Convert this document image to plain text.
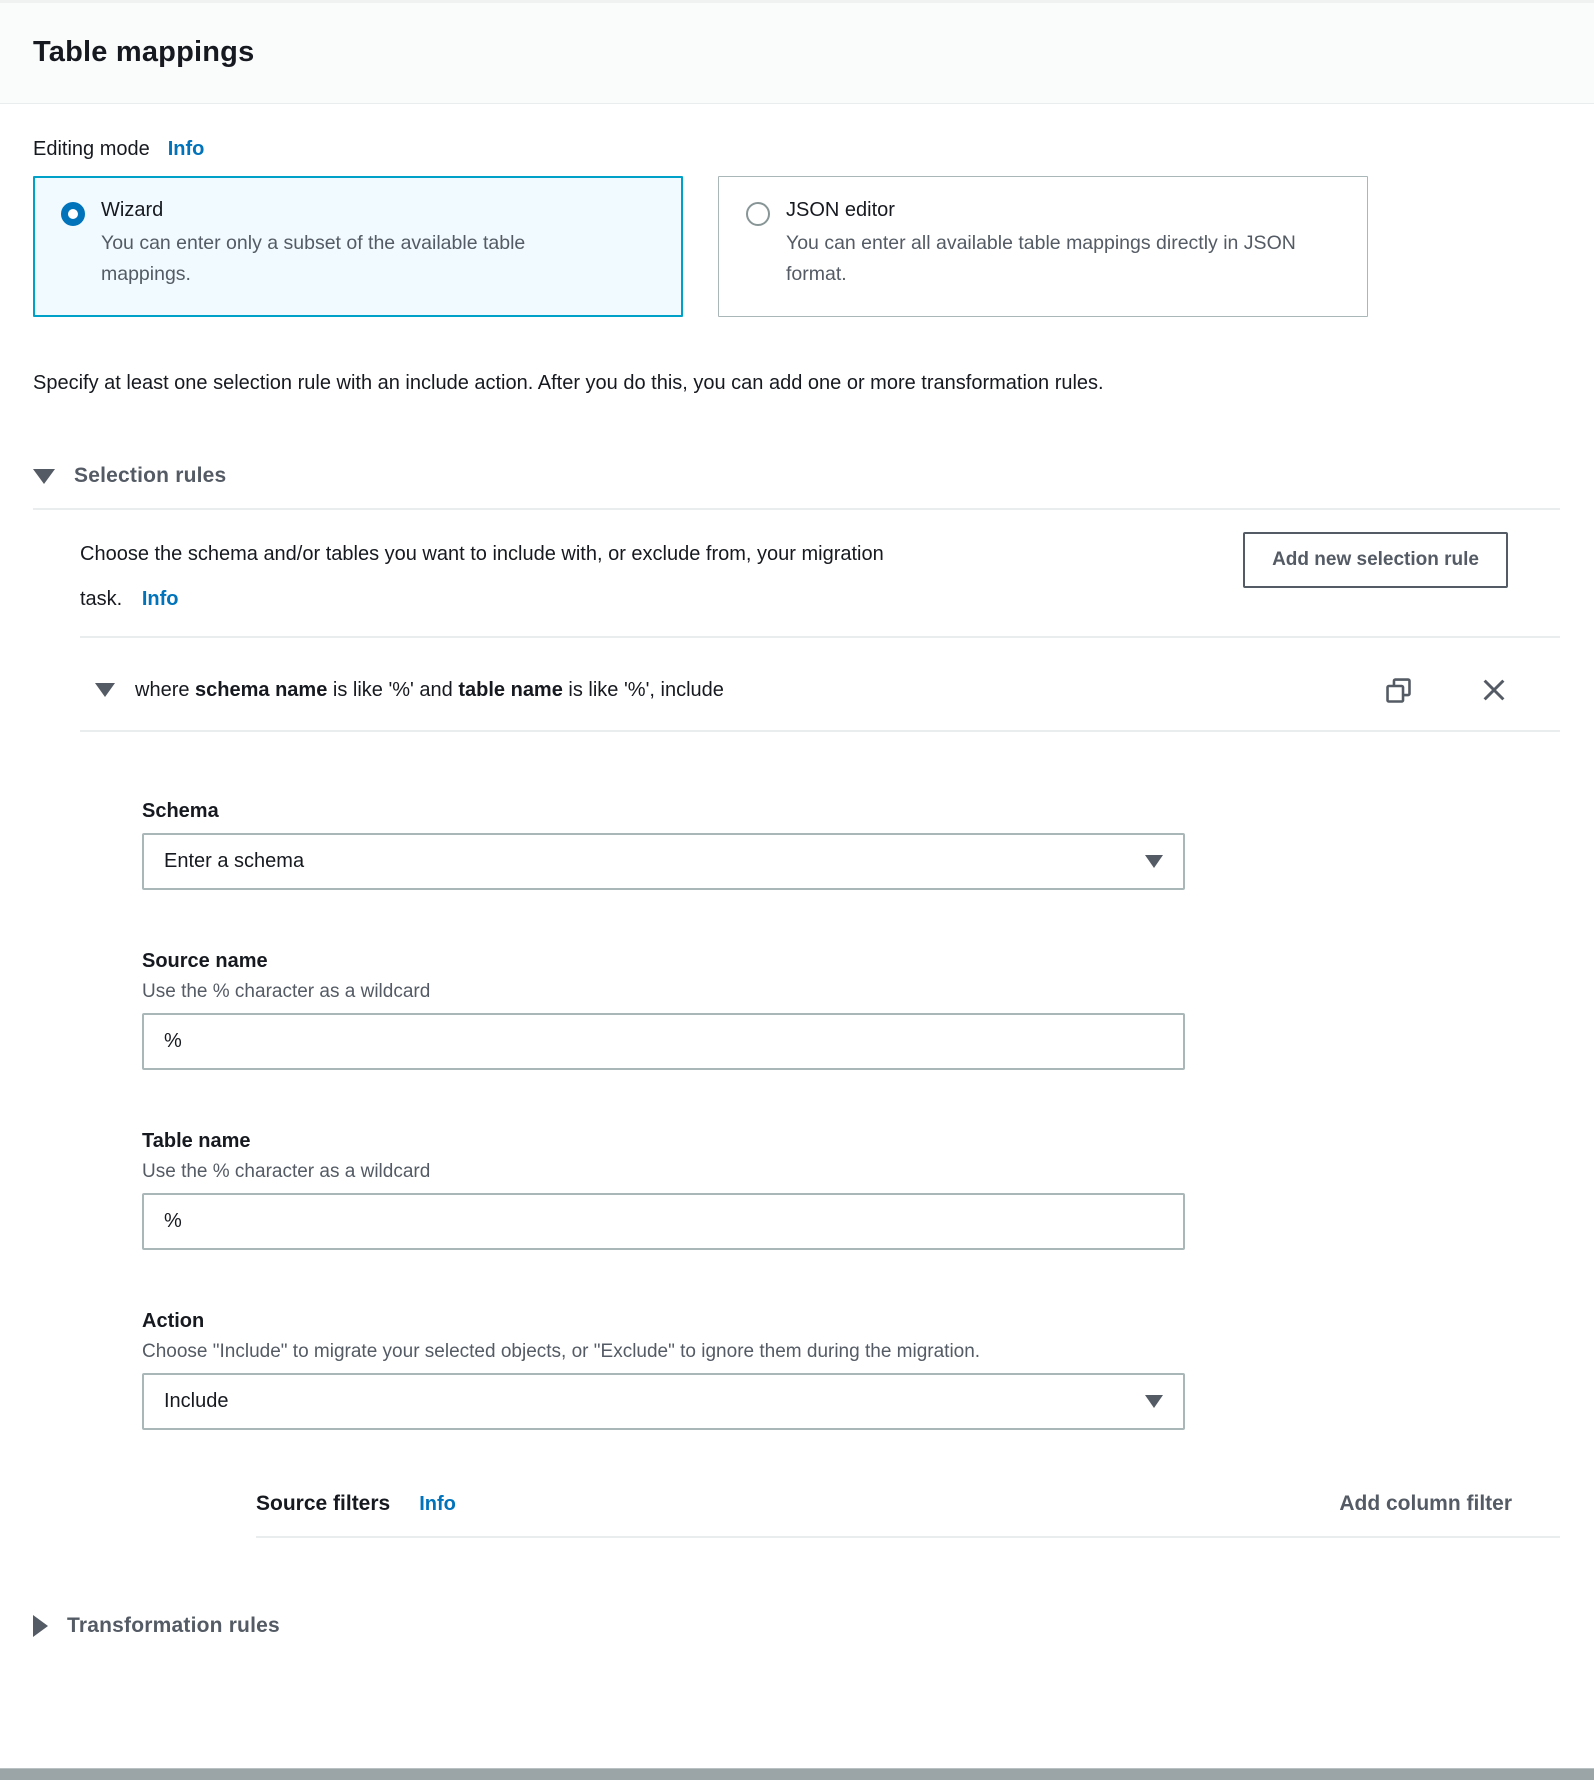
Table mappings
Editing mode Info
Wizard
You can enter only a subset of the available table mappings.
JSON editor
You can enter all available table mappings directly in JSON format.

Specify at least one selection rule with an include action. After you do this, you can add one or more transformation rules.

Selection rules

Choose the schema and/or tables you want to include with, or exclude from, your migration task. Info

Add new selection rule
where schema name is like '%' and table name is like '%', include
Schema
Enter a schema
Source name
Use the % character as a wildcard
%
Table name
Use the % character as a wildcard
%
Action
Choose "Include" to migrate your selected objects, or "Exclude" to ignore them during the migration.
Include
Source filters Info	Add column filter
Transformation rules
